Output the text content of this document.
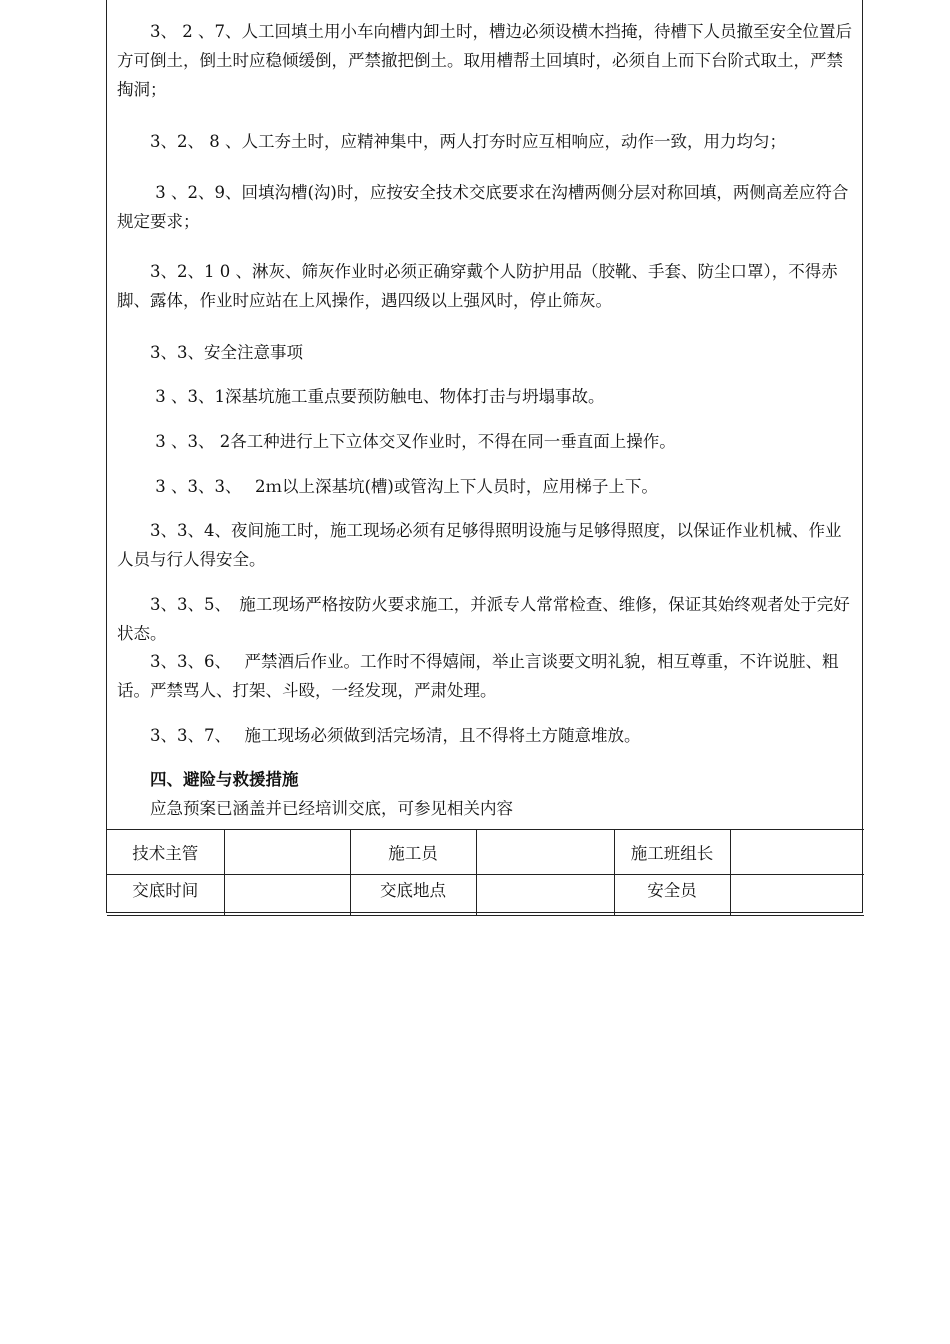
　　3、 2 、7、人工回填土用小车向槽内卸土时，槽边必须设横木挡掩，待槽下人员撤至安全位置后方可倒土，倒土时应稳倾缓倒，严禁撤把倒土。取用槽帮土回填时，必须自上而下台阶式取土，严禁掏洞；

　　3、2、 8 、人工夯土时，应精神集中，两人打夯时应互相响应，动作一致，用力均匀；

　　 3 、2、9、回填沟槽(沟)时，应按安全技术交底要求在沟槽两侧分层对称回填，两侧高差应符合规定要求；

　　3、2、1 0 、淋灰、筛灰作业时必须正确穿戴个人防护用品（胶靴、手套、防尘口罩），不得赤脚、露体，作业时应站在上风操作，遇四级以上强风时，停止筛灰。

　　3、3、安全注意事项

　　 3 、3、1深基坑施工重点要预防触电、物体打击与坍塌事故。

　　 3 、3、 2各工种进行上下立体交叉作业时，不得在同一垂直面上操作。

　　 3 、3、3、　 2ｍ以上深基坑(槽)或管沟上下人员时，应用梯子上下。

　　3、3、4、夜间施工时，施工现场必须有足够得照明设施与足够得照度，以保证作业机械、作业人员与行人得安全。

　　3、3、5、　施工现场严格按防火要求施工，并派专人常常检查、维修，保证其始终观者处于完好状态。

　　3、3、6、　 严禁酒后作业。工作时不得嬉闹，举止言谈要文明礼貌，相互尊重，不许说脏、粗话。严禁骂人、打架、斗殴，一经发现，严肃处理。

　　3、3、7、　 施工现场必须做到活完场清，且不得将土方随意堆放。

　　四、避险与救援措施

　　应急预案已涵盖并已经培训交底，可参见相关内容

技术主管		施工员		施工班组长	
交底时间		交底地点		安全员	
